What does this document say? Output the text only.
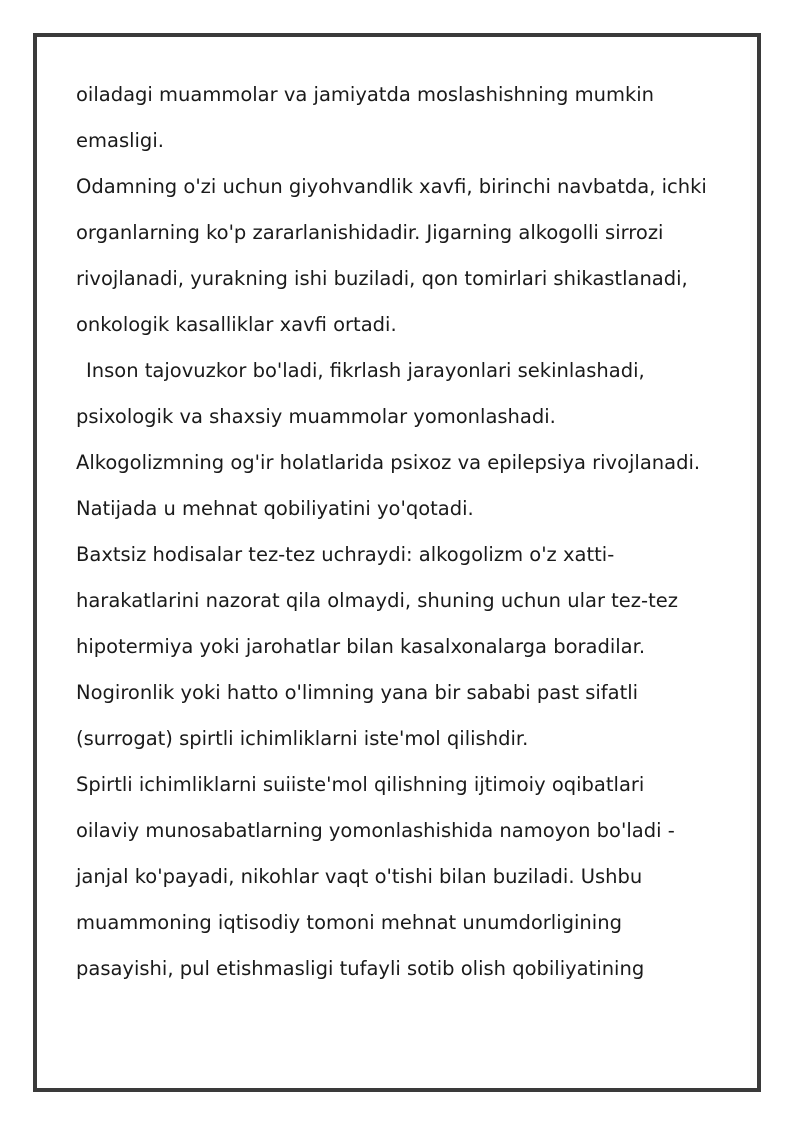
oiladagi muammolar va jamiyatda moslashishning mumkin
emasligi.

Odamning o'zi uchun giyohvandlik xavfi, birinchi navbatda, ichki
organlarning ko'p zararlanishidadir. Jigarning alkogolli sirrozi
rivojlanadi, yurakning ishi buziladi, qon tomirlari shikastlanadi,
onkologik kasalliklar xavfi ortadi.

Inson tajovuzkor bo'ladi, fikrlash jarayonlari sekinlashadi,
psixologik va shaxsiy muammolar yomonlashadi.
Alkogolizmning og'ir holatlarida psixoz va epilepsiya rivojlanadi.
Natijada u mehnat qobiliyatini yo'qotadi.

Baxtsiz hodisalar tez-tez uchraydi: alkogolizm o'z xatti-
harakatlarini nazorat qila olmaydi, shuning uchun ular tez-tez
hipotermiya yoki jarohatlar bilan kasalxonalarga boradilar.
Nogironlik yoki hatto o'limning yana bir sababi past sifatli
(surrogat) spirtli ichimliklarni iste'mol qilishdir.

Spirtli ichimliklarni suiiste'mol qilishning ijtimoiy oqibatlari
oilaviy munosabatlarning yomonlashishida namoyon bo'ladi -
janjal ko'payadi, nikohlar vaqt o'tishi bilan buziladi. Ushbu
muammoning iqtisodiy tomoni mehnat unumdorligining
pasayishi, pul etishmasligi tufayli sotib olish qobiliyatining
